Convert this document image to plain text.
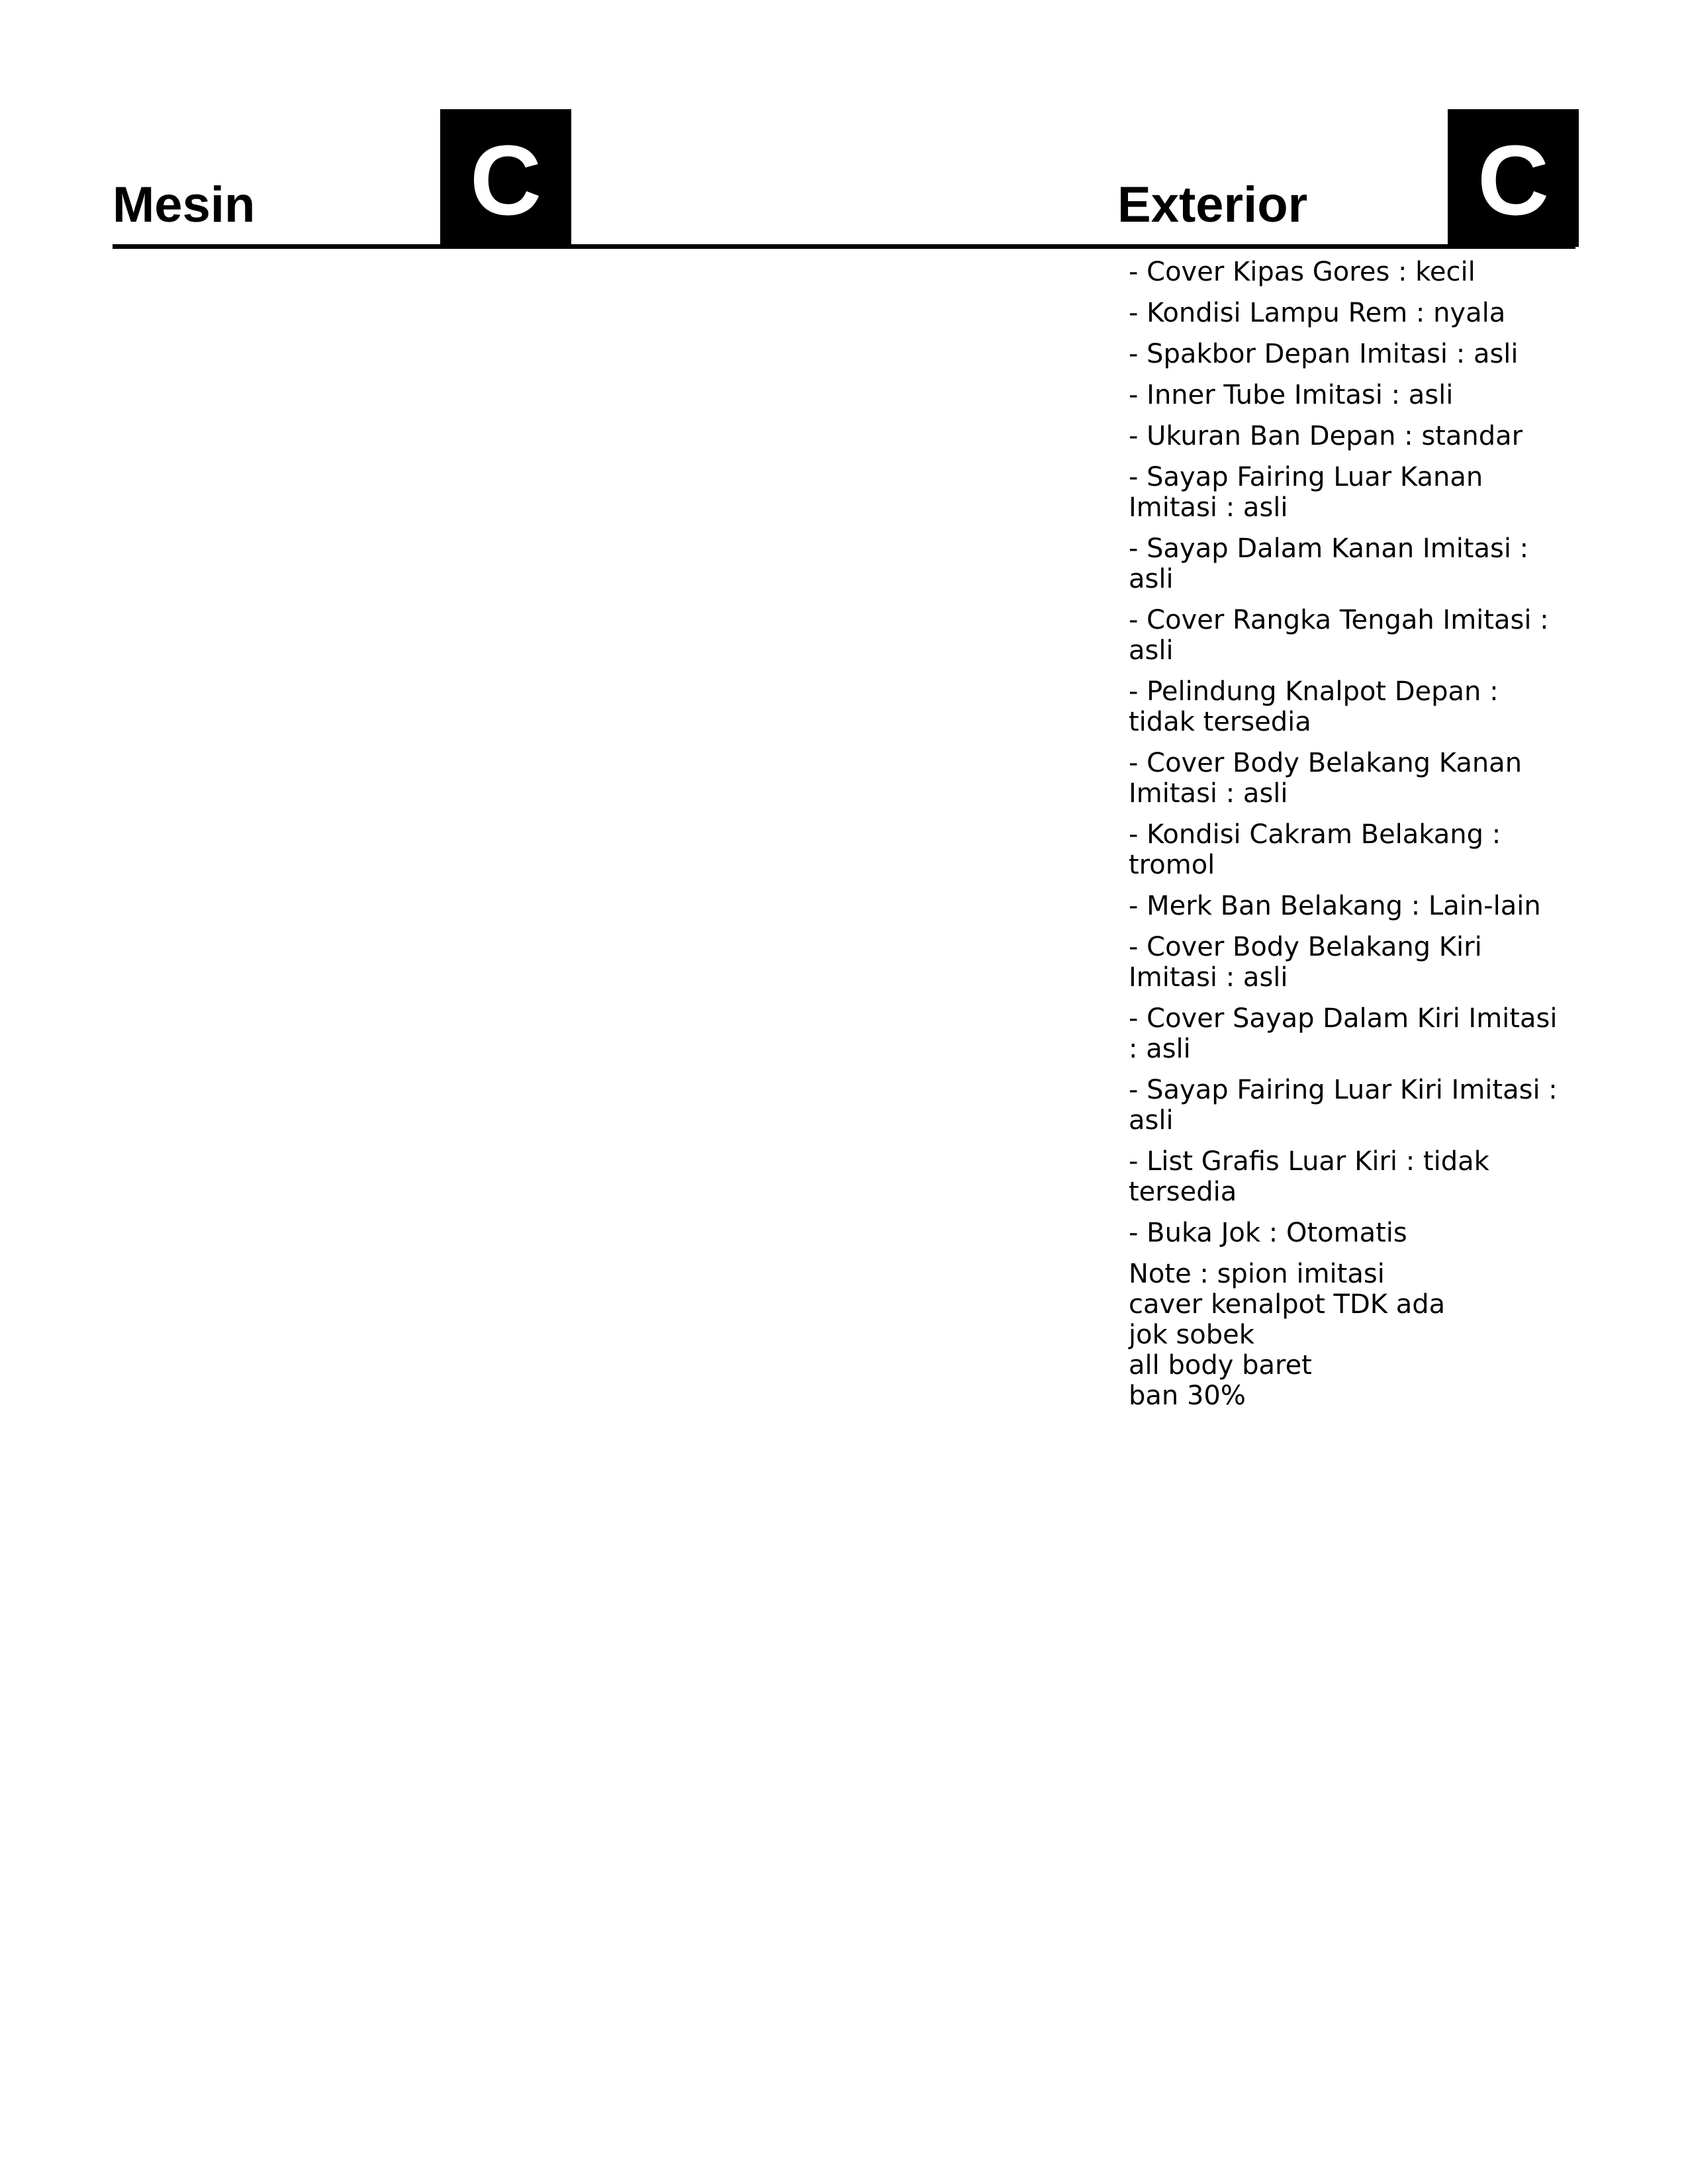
Mesin C	Exterior C
- Cover Kipas Gores : kecil
- Kondisi Lampu Rem : nyala
- Spakbor Depan Imitasi : asli
- Inner Tube Imitasi : asli
- Ukuran Ban Depan : standar
- Sayap Fairing Luar Kanan Imitasi : asli
- Sayap Dalam Kanan Imitasi : asli
- Cover Rangka Tengah Imitasi : asli
- Pelindung Knalpot Depan : tidak tersedia
- Cover Body Belakang Kanan Imitasi : asli
- Kondisi Cakram Belakang : tromol
- Merk Ban Belakang : Lain-lain
- Cover Body Belakang Kiri Imitasi : asli
- Cover Sayap Dalam Kiri Imitasi : asli
- Sayap Fairing Luar Kiri Imitasi : asli
- List Grafis Luar Kiri : tidak tersedia
- Buka Jok : Otomatis
Note : spion imitasi
caver kenalpot TDK ada
jok sobek
all body baret
ban 30%
